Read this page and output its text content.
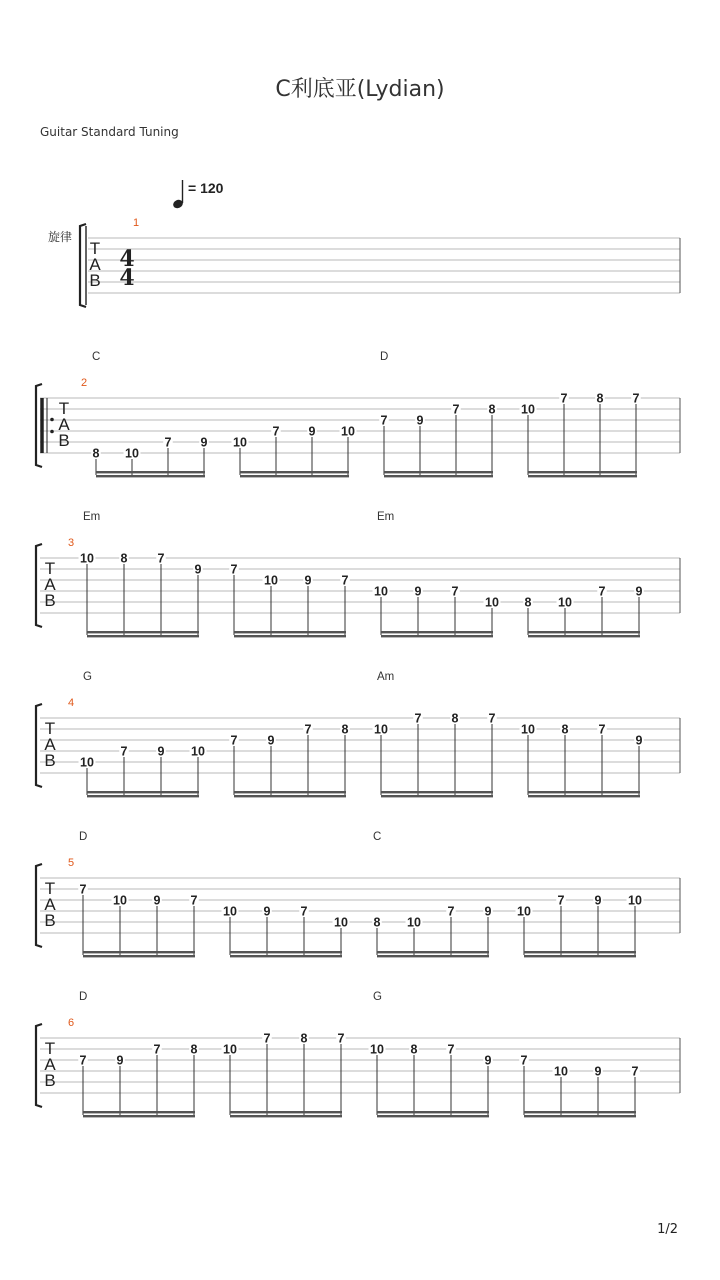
C利底亚(Lydian)
Guitar Standard Tuning
= 120
旋律
T
A
B
1
4
4
T
A
B
2
8 10
7 9 10
7 9 10
7 9
7 8 10
7 8 7
C	D
T
A
B
3
10 8 7
9 7
10 9 7
10 9 7
10 8 10
7 9
Em	Em
T
A
B
4
10
7 9 10
7 9
7 8 10
7 8 7
10 8 7
9
G	Am
T
A
B
5
7
10 9 7
10 9 7
10 8 10
7 9 10
7 9 10
D	C
T
A
B
6
7 9
7 8 10
7 8 7
10 8 7
9 7
10 9 7
D	G
1/2
